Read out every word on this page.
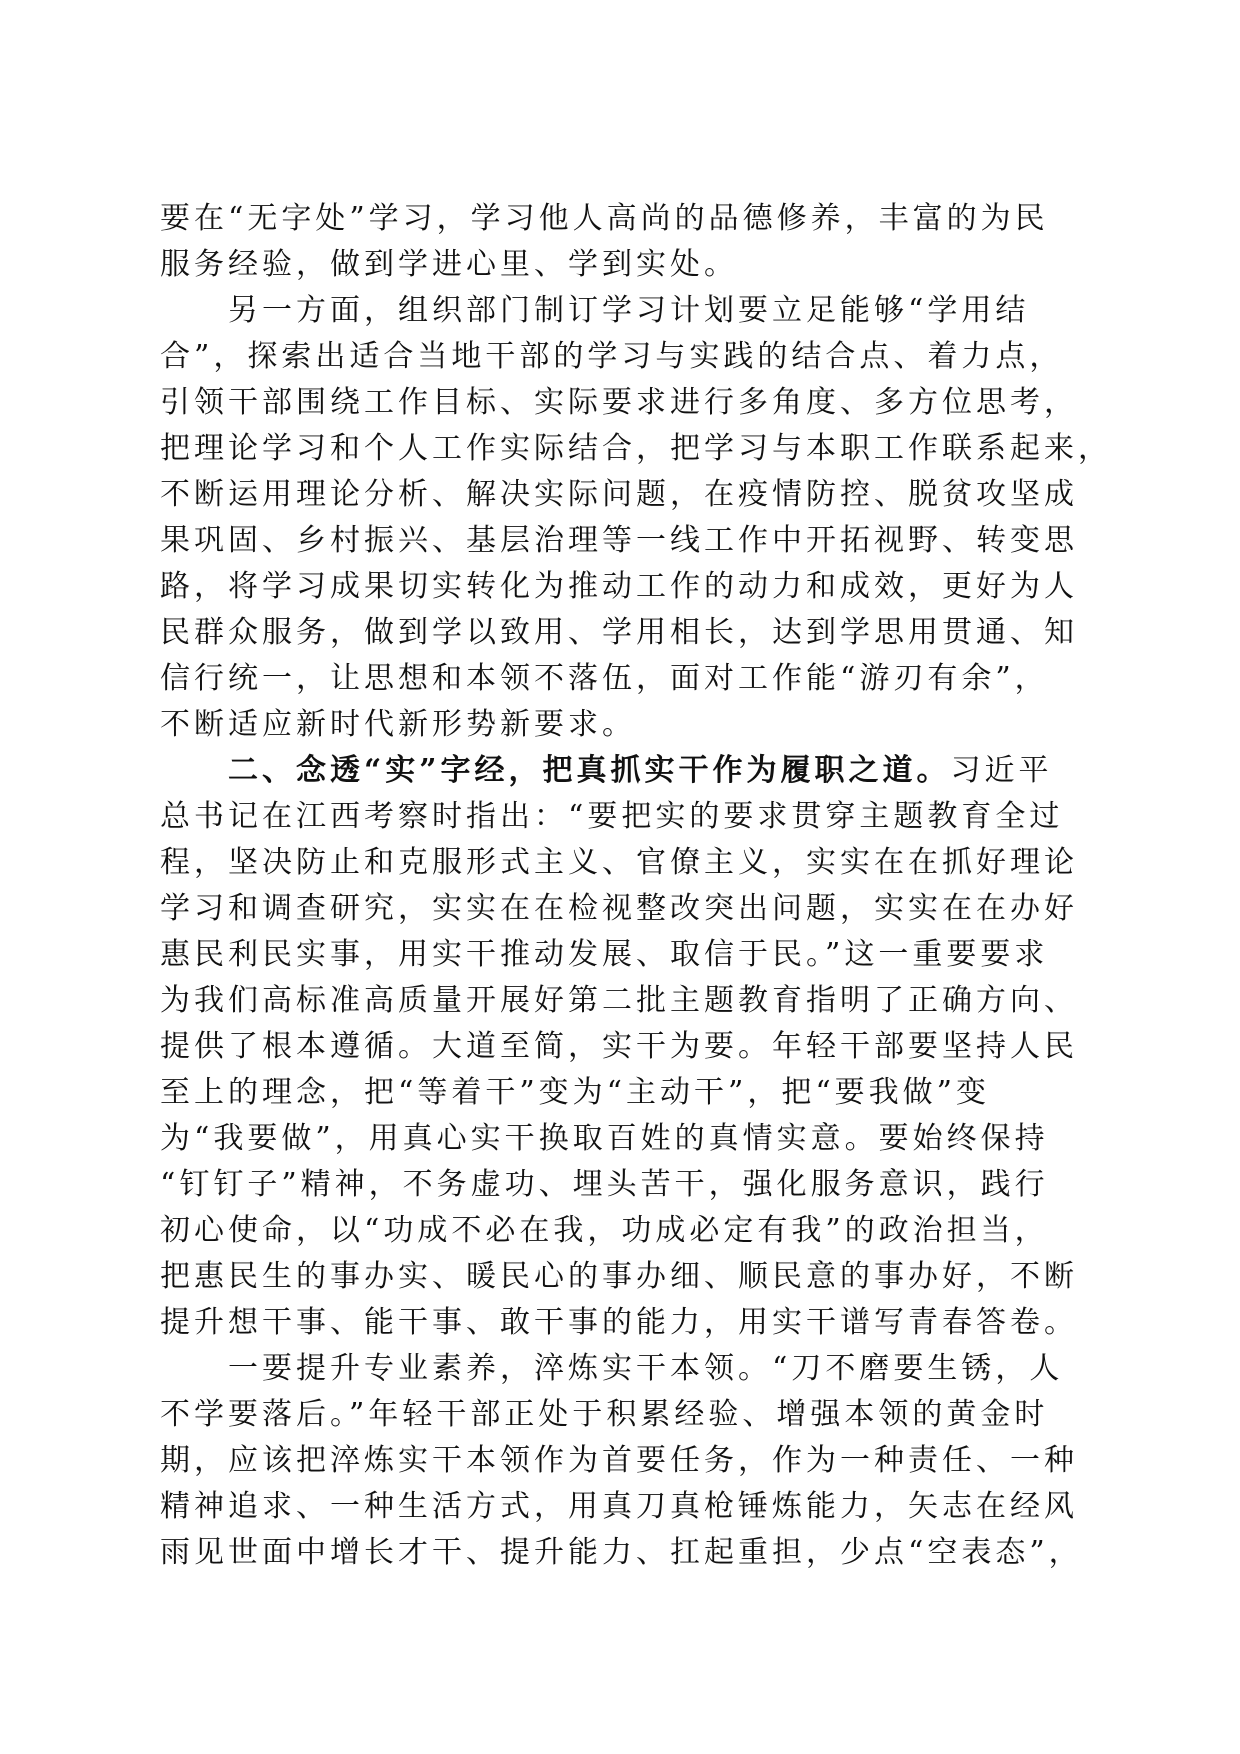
要在“无字处”学习，学习他人高尚的品德修养，丰富的为民
服务经验，做到学进心里、学到实处。
另一方面，组织部门制订学习计划要立足能够“学用结
合”，探索出适合当地干部的学习与实践的结合点、着力点，
引领干部围绕工作目标、实际要求进行多角度、多方位思考，
把理论学习和个人工作实际结合，把学习与本职工作联系起来，
不断运用理论分析、解决实际问题，在疫情防控、脱贫攻坚成
果巩固、乡村振兴、基层治理等一线工作中开拓视野、转变思
路，将学习成果切实转化为推动工作的动力和成效，更好为人
民群众服务，做到学以致用、学用相长，达到学思用贯通、知
信行统一，让思想和本领不落伍，面对工作能“游刃有余”，
不断适应新时代新形势新要求。
二、念透“实”字经，把真抓实干作为履职之道。习近平
总书记在江西考察时指出：“要把实的要求贯穿主题教育全过
程，坚决防止和克服形式主义、官僚主义，实实在在抓好理论
学习和调查研究，实实在在检视整改突出问题，实实在在办好
惠民利民实事，用实干推动发展、取信于民。”这一重要要求
为我们高标准高质量开展好第二批主题教育指明了正确方向、
提供了根本遵循。大道至简，实干为要。年轻干部要坚持人民
至上的理念，把“等着干”变为“主动干”，把“要我做”变
为“我要做”，用真心实干换取百姓的真情实意。要始终保持
“钉钉子”精神，不务虚功、埋头苦干，强化服务意识，践行
初心使命，以“功成不必在我，功成必定有我”的政治担当，
把惠民生的事办实、暖民心的事办细、顺民意的事办好，不断
提升想干事、能干事、敢干事的能力，用实干谱写青春答卷。
一要提升专业素养，淬炼实干本领。“刀不磨要生锈，人
不学要落后。”年轻干部正处于积累经验、增强本领的黄金时
期，应该把淬炼实干本领作为首要任务，作为一种责任、一种
精神追求、一种生活方式，用真刀真枪锤炼能力，矢志在经风
雨见世面中增长才干、提升能力、扛起重担，少点“空表态”，
